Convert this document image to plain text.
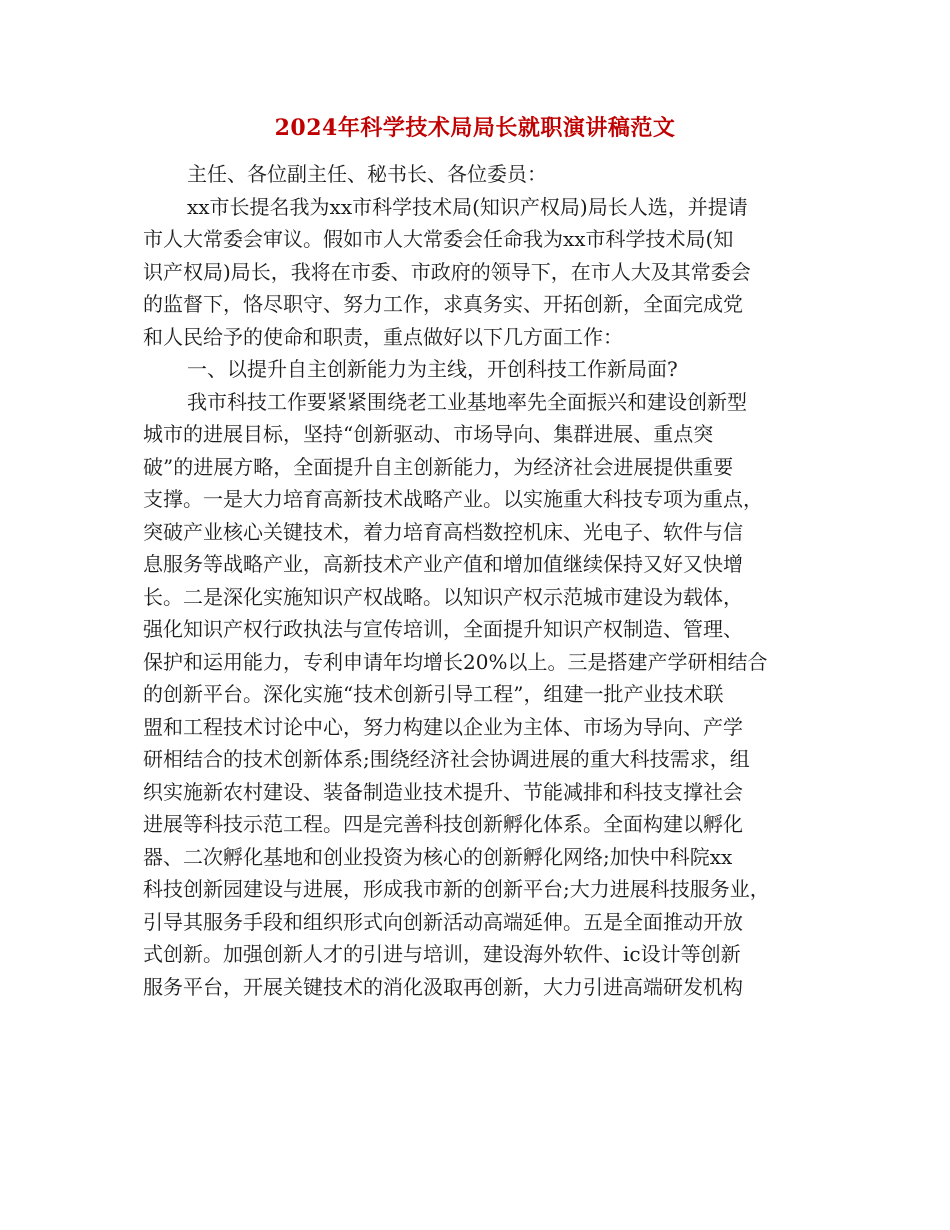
2024年科学技术局局长就职演讲稿范文
主任、各位副主任、秘书长、各位委员：
xx市长提名我为xx市科学技术局(知识产权局)局长人选，并提请
市人大常委会审议。假如市人大常委会任命我为xx市科学技术局(知
识产权局)局长，我将在市委、市政府的领导下，在市人大及其常委会
的监督下，恪尽职守、努力工作，求真务实、开拓创新，全面完成党
和人民给予的使命和职责，重点做好以下几方面工作：
一、以提升自主创新能力为主线，开创科技工作新局面?
我市科技工作要紧紧围绕老工业基地率先全面振兴和建设创新型
城市的进展目标，坚持“创新驱动、市场导向、集群进展、重点突
破”的进展方略，全面提升自主创新能力，为经济社会进展提供重要
支撑。一是大力培育高新技术战略产业。以实施重大科技专项为重点，
突破产业核心关键技术，着力培育高档数控机床、光电子、软件与信
息服务等战略产业，高新技术产业产值和增加值继续保持又好又快增
长。二是深化实施知识产权战略。以知识产权示范城市建设为载体，
强化知识产权行政执法与宣传培训，全面提升知识产权制造、管理、
保护和运用能力，专利申请年均增长20%以上。三是搭建产学研相结合
的创新平台。深化实施“技术创新引导工程”，组建一批产业技术联
盟和工程技术讨论中心，努力构建以企业为主体、市场为导向、产学
研相结合的技术创新体系;围绕经济社会协调进展的重大科技需求，组
织实施新农村建设、装备制造业技术提升、节能减排和科技支撑社会
进展等科技示范工程。四是完善科技创新孵化体系。全面构建以孵化
器、二次孵化基地和创业投资为核心的创新孵化网络;加快中科院xx
科技创新园建设与进展，形成我市新的创新平台;大力进展科技服务业，
引导其服务手段和组织形式向创新活动高端延伸。五是全面推动开放
式创新。加强创新人才的引进与培训，建设海外软件、ic设计等创新
服务平台，开展关键技术的消化汲取再创新，大力引进高端研发机构
